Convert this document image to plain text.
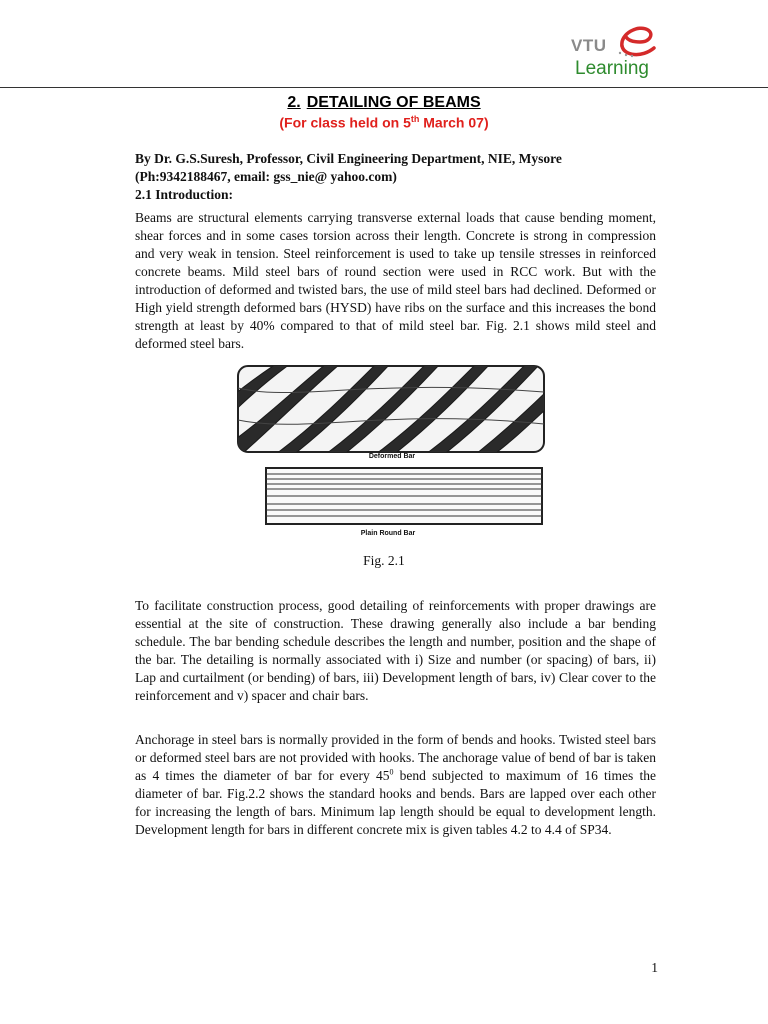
VTU
Learning
2. DETAILING OF BEAMS
(For class held on 5th March 07)
By Dr. G.S.Suresh, Professor, Civil Engineering Department, NIE, Mysore
(Ph:9342188467, email: gss_nie@ yahoo.com)
2.1 Introduction:

Beams are structural elements carrying transverse external loads that cause bending moment, shear forces and in some cases torsion across their length. Concrete is strong in compression and very weak in tension. Steel reinforcement is used to take up tensile stresses in reinforced concrete beams. Mild steel bars of round section were used in RCC work. But with the introduction of deformed and twisted bars, the use of mild steel bars had declined. Deformed or High yield strength deformed bars (HYSD) have ribs on the surface and this increases the bond strength at least by 40% compared to that of mild steel bar. Fig. 2.1 shows mild steel and deformed steel bars.

Deformed Bar
Plain Round Bar
Fig. 2.1

To facilitate construction process, good detailing of reinforcements with proper drawings are essential at the site of construction. These drawing generally also include a bar bending schedule. The bar bending schedule describes the length and number, position and the shape of the bar. The detailing is normally associated with i) Size and number (or spacing) of bars, ii) Lap and curtailment (or bending) of bars, iii) Development length of bars, iv) Clear cover to the reinforcement and v) spacer and chair bars.

Anchorage in steel bars is normally provided in the form of bends and hooks. Twisted steel bars or deformed steel bars are not provided with hooks. The anchorage value of bend of bar is taken as 4 times the diameter of bar for every $45^0$ bend subjected to maximum of 16 times the diameter of bar. Fig.2.2 shows the standard hooks and bends. Bars are lapped over each other for increasing the length of bars. Minimum lap length should be equal to development length. Development length for bars in different concrete mix is given tables 4.2 to 4.4 of SP34.

1
